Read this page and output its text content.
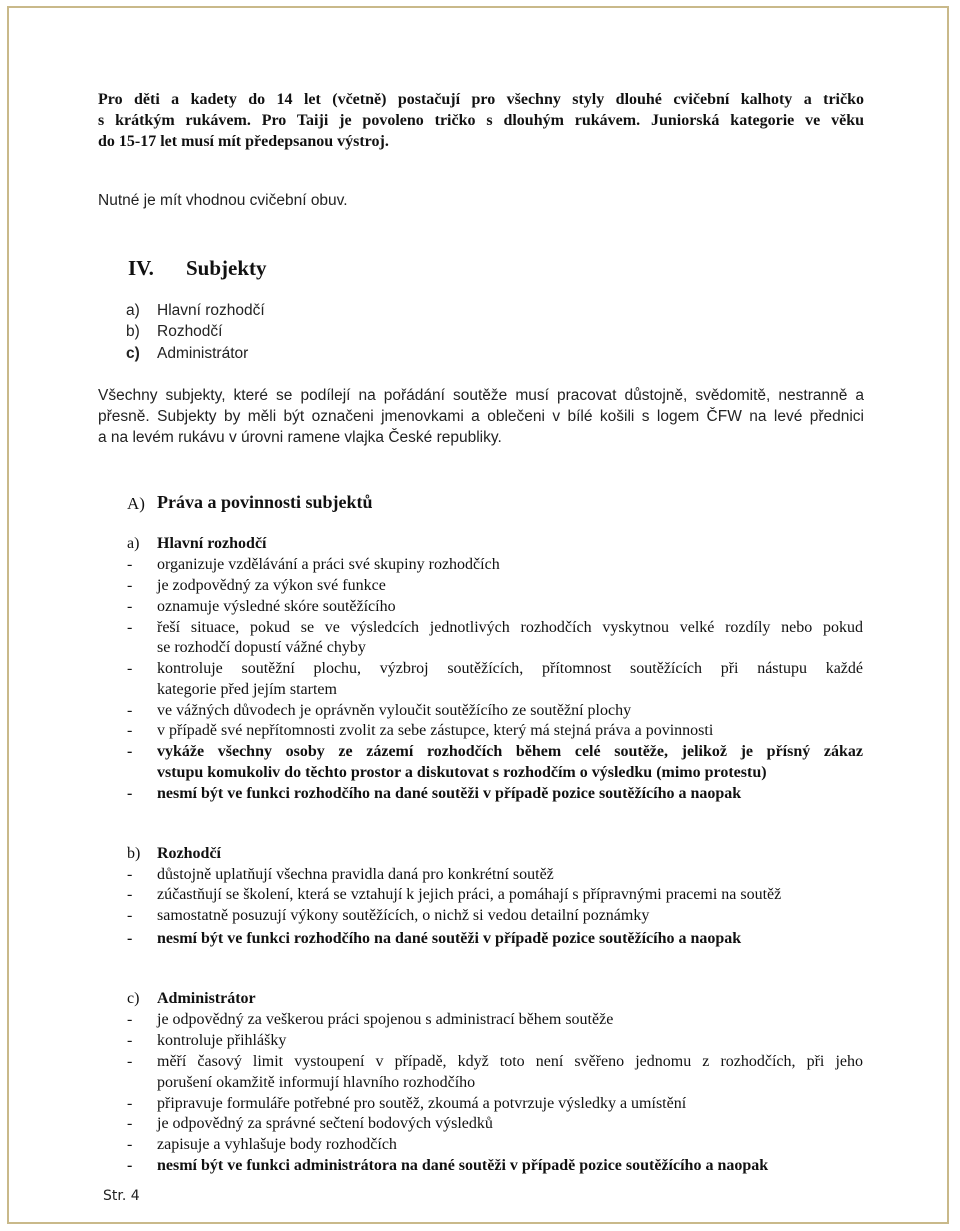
Pro děti a kadety do 14 let (včetně) postačují pro všechny styly dlouhé cvičební kalhoty a tričko
s krátkým rukávem. Pro Taiji je povoleno tričko s dlouhým rukávem. Juniorská kategorie ve věku
do 15-17 let musí mít předepsanou výstroj.
Nutné je mít vhodnou cvičební obuv.
IV. Subjekty
a) Hlavní rozhodčí
b) Rozhodčí
c) Administrátor
Všechny subjekty, které se podílejí na pořádání soutěže musí pracovat důstojně, svědomitě, nestranně a
přesně. Subjekty by měli být označeni jmenovkami a oblečeni v bílé košili s logem ČFW na levé přednici
a na levém rukávu v úrovni ramene vlajka České republiky.
A) Práva a povinnosti subjektů
a) Hlavní rozhodčí
- organizuje vzdělávání a práci své skupiny rozhodčích
- je zodpovědný za výkon své funkce
- oznamuje výsledné skóre soutěžícího
- řeší situace, pokud se ve výsledcích jednotlivých rozhodčích vyskytnou velké rozdíly nebo pokud
se rozhodčí dopustí vážné chyby
- kontroluje soutěžní plochu, výzbroj soutěžících, přítomnost soutěžících při nástupu každé
kategorie před jejím startem
- ve vážných důvodech je oprávněn vyloučit soutěžícího ze soutěžní plochy
- v případě své nepřítomnosti zvolit za sebe zástupce, který má stejná práva a povinnosti
- vykáže všechny osoby ze zázemí rozhodčích během celé soutěže, jelikož je přísný zákaz
vstupu komukoliv do těchto prostor a diskutovat s rozhodčím o výsledku (mimo protestu)
- nesmí být ve funkci rozhodčího na dané soutěži v případě pozice soutěžícího a naopak
b) Rozhodčí
- důstojně uplatňují všechna pravidla daná pro konkrétní soutěž
- zúčastňují se školení, která se vztahují k jejich práci, a pomáhají s přípravnými pracemi na soutěž
- samostatně posuzují výkony soutěžících, o nichž si vedou detailní poznámky
- nesmí být ve funkci rozhodčího na dané soutěži v případě pozice soutěžícího a naopak
c) Administrátor
- je odpovědný za veškerou práci spojenou s administrací během soutěže
- kontroluje přihlášky
- měří časový limit vystoupení v případě, když toto není svěřeno jednomu z rozhodčích, při jeho
porušení okamžitě informují hlavního rozhodčího
- připravuje formuláře potřebné pro soutěž, zkoumá a potvrzuje výsledky a umístění
- je odpovědný za správné sečtení bodových výsledků
- zapisuje a vyhlašuje body rozhodčích
- nesmí být ve funkci administrátora na dané soutěži v případě pozice soutěžícího a naopak
Str. 4
